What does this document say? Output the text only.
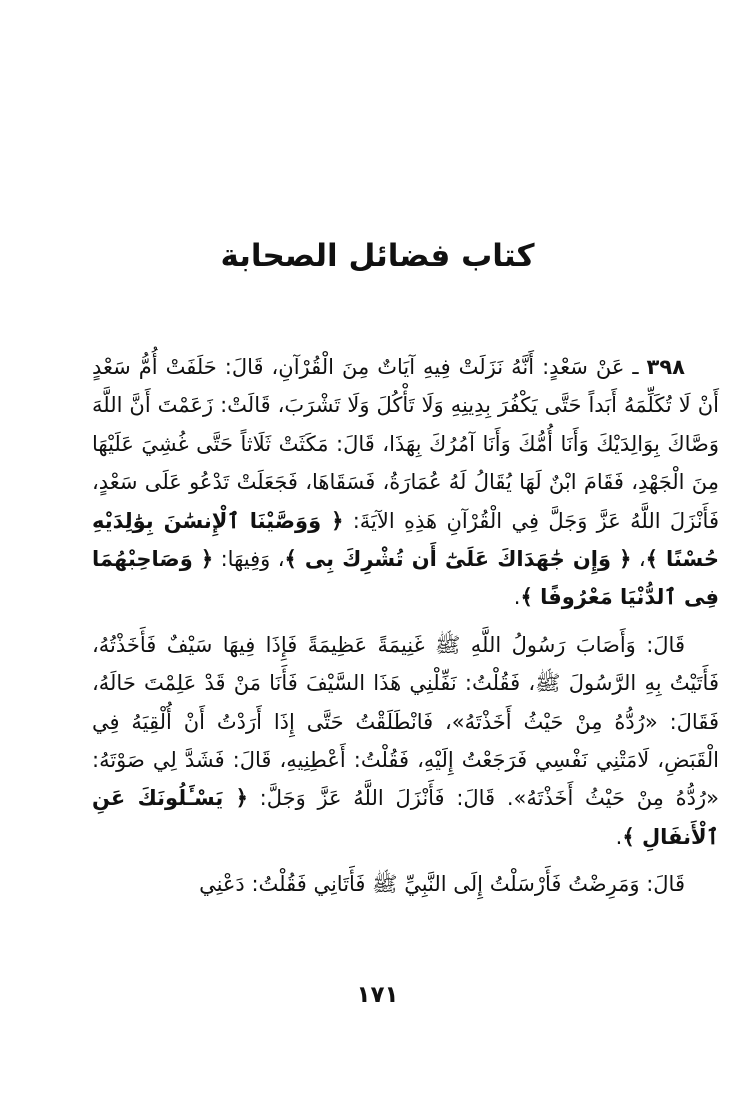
كتاب فضائل الصحابة

٣٩٨ ـ عَنْ سَعْدٍ: أَنَّهُ نَزَلَتْ فِيهِ آيَاتٌ مِنَ الْقُرْآنِ، قَالَ: حَلَفَتْ أُمُّ سَعْدٍ أَنْ لَا تُكَلِّمَهُ أَبَداً حَتَّى يَكْفُرَ بِدِينِهِ وَلَا تَأْكُلَ وَلَا تَشْرَبَ، قَالَتْ: زَعَمْتَ أَنَّ اللَّهَ وَصَّاكَ بِوَالِدَيْكَ وَأَنَا أُمُّكَ وَأَنَا آمُرُكَ بِهَذَا، قَالَ: مَكَثَتْ ثَلَاثاً حَتَّى غُشِيَ عَلَيْهَا مِنَ الْجَهْدِ، فَقَامَ ابْنٌ لَهَا يُقَالُ لَهُ عُمَارَةُ، فَسَقَاهَا، فَجَعَلَتْ تَدْعُو عَلَى سَعْدٍ، فَأَنْزَلَ اللَّهُ عَزَّ وَجَلَّ فِي الْقُرْآنِ هَذِهِ الآيَةَ: ﴿ وَوَصَّيْنَا ٱلْإِنسَٰنَ بِوَٰلِدَيْهِ حُسْنًا ﴾، ﴿ وَإِن جَٰهَدَاكَ عَلَىٰٓ أَن تُشْرِكَ بِى ﴾، وَفِيهَا: ﴿ وَصَاحِبْهُمَا فِى ٱلدُّنْيَا مَعْرُوفًا ﴾.

قَالَ: وَأَصَابَ رَسُولُ اللَّهِ ﷺ غَنِيمَةً عَظِيمَةً فَإِذَا فِيهَا سَيْفٌ فَأَخَذْتُهُ، فَأَتَيْتُ بِهِ الرَّسُولَ ﷺ، فَقُلْتُ: نَفِّلْنِي هَذَا السَّيْفَ فَأَنَا مَنْ قَدْ عَلِمْتَ حَالَهُ، فَقَالَ: «رُدُّهُ مِنْ حَيْثُ أَخَذْتَهُ»، فَانْطَلَقْتُ حَتَّى إِذَا أَرَدْتُ أَنْ أُلْقِيَهُ فِي الْقَبَضِ، لَامَتْنِي نَفْسِي فَرَجَعْتُ إِلَيْهِ، فَقُلْتُ: أَعْطِنِيهِ، قَالَ: فَشَدَّ لِي صَوْتَهُ: «رُدُّهُ مِنْ حَيْثُ أَخَذْتَهُ». قَالَ: فَأَنْزَلَ اللَّهُ عَزَّ وَجَلَّ: ﴿ يَسْـَٔلُونَكَ عَنِ ٱلْأَنفَالِ ﴾.

قَالَ: وَمَرِضْتُ فَأَرْسَلْتُ إِلَى النَّبِيِّ ﷺ فَأَتَانِي فَقُلْتُ: دَعْنِي

١٧١
